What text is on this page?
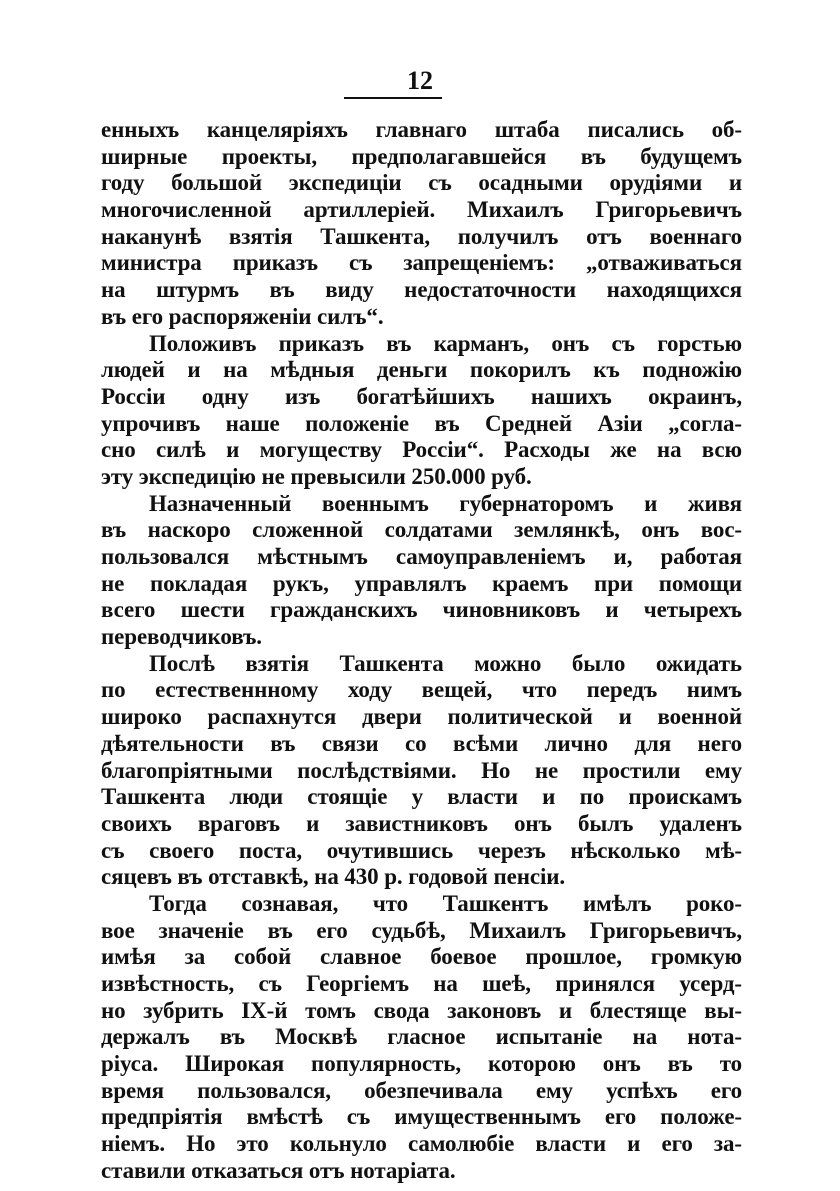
12
енныхъ канцеляріяхъ главнаго штаба писались об-
ширные проекты, предполагавшейся въ будущемъ
году большой экспедиціи съ осадными орудіями и
многочисленной артиллеріей. Михаилъ Григорьевичъ
наканунѣ взятія Ташкента, получилъ отъ военнаго
министра приказъ съ запрещеніемъ: „отваживаться
на штурмъ въ виду недостаточности находящихся
въ его распоряженіи силъ“.
Положивъ приказъ въ карманъ, онъ съ горстью
людей и на мѣдныя деньги покорилъ къ подножію
Россіи одну изъ богатѣйшихъ нашихъ окраинъ,
упрочивъ наше положеніе въ Средней Азіи „согла-
сно силѣ и могуществу Россіи“. Расходы же на всю
эту экспедицію не превысили 250.000 руб.
Назначенный военнымъ губернаторомъ и живя
въ наскоро сложенной солдатами землянкѣ, онъ вос-
пользовался мѣстнымъ самоуправленіемъ и, работая
не покладая рукъ, управлялъ краемъ при помощи
всего шести гражданскихъ чиновниковъ и четырехъ
переводчиковъ.
Послѣ взятія Ташкента можно было ожидать
по естественнному ходу вещей, что передъ нимъ
широко распахнутся двери политической и военной
дѣятельности въ связи со всѣми лично для него
благопріятными послѣдствіями. Но не простили ему
Ташкента люди стоящіе у власти и по проискамъ
своихъ враговъ и завистниковъ онъ былъ удаленъ
съ своего поста, очутившись черезъ нѣсколько мѣ-
сяцевъ въ отставкѣ, на 430 р. годовой пенсіи.
Тогда сознавая, что Ташкентъ имѣлъ роко-
вое значеніе въ его судьбѣ, Михаилъ Григорьевичъ,
имѣя за собой славное боевое прошлое, громкую
извѣстность, съ Георгіемъ на шеѣ, принялся усерд-
но зубрить IX-й томъ свода законовъ и блестяще вы-
держалъ въ Москвѣ гласное испытаніе на нота-
ріуса. Широкая популярность, которою онъ въ то
время пользовался, обезпечивала ему успѣхъ его
предпріятія вмѣстѣ съ имущественнымъ его положе-
ніемъ. Но это кольнуло самолюбіе власти и его за-
ставили отказаться отъ нотаріата.
